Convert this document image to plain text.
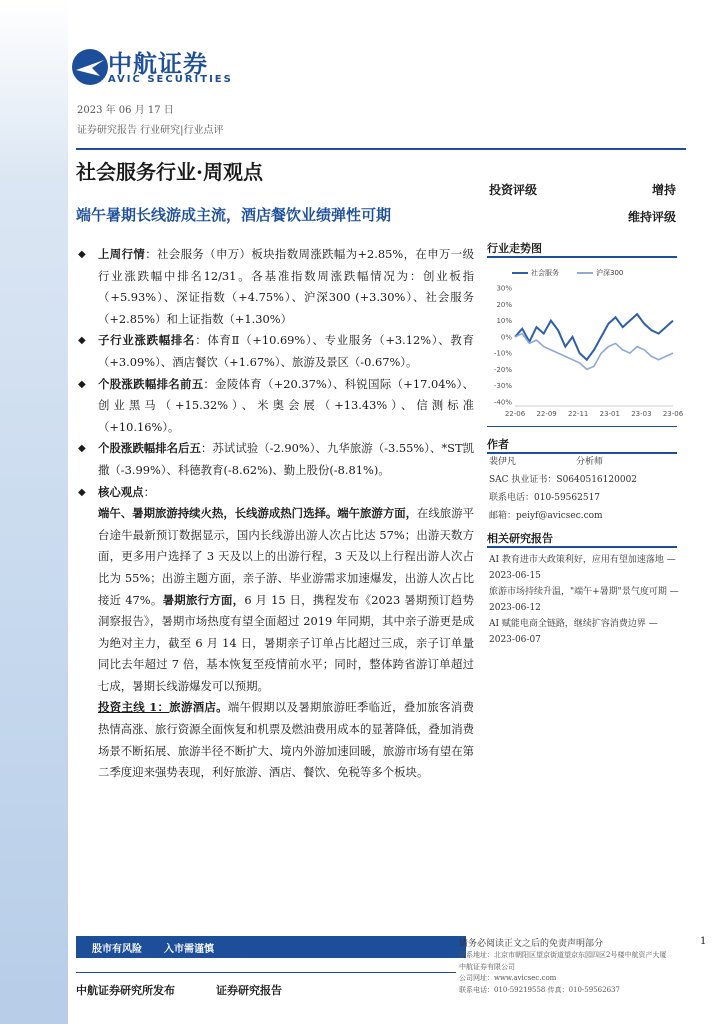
中航证券
AVIC SECURITIES
2023 年 06 月 17 日
证券研究报告 行业研究|行业点评
社会服务行业·周观点
端午暑期长线游成主流，酒店餐饮业绩弹性可期
投资评级	增持
维持评级
◆ 上周行情：社会服务（申万）板块指数周涨跌幅为+2.85%，在申万一级行业涨跌幅中排名12/31。各基准指数周涨跌幅情况为：创业板指（+5.93%）、深证指数（+4.75%）、沪深300 (+3.30%）、社会服务（+2.85%）和上证指数（+1.30%）
◆ 子行业涨跌幅排名：体育Ⅱ（+10.69%）、专业服务（+3.12%）、教育（+3.09%）、酒店餐饮（+1.67%）、旅游及景区（-0.67%）。
◆ 个股涨跌幅排名前五：金陵体育（+20.37%）、科锐国际（+17.04%）、创业黑马（+15.32%）、米奥会展（+13.43%）、信测标准（+10.16%）。
◆ 个股涨跌幅排名后五：苏试试验（-2.90%）、九华旅游（-3.55%）、*ST凯撒（-3.99%）、科德教育(-8.62%)、勤上股份(-8.81%)。
◆ 核心观点：
端午、暑期旅游持续火热，长线游成热门选择。端午旅游方面，在线旅游平台途牛最新预订数据显示，国内长线游出游人次占比达 57%；出游天数方面，更多用户选择了 3 天及以上的出游行程，3 天及以上行程出游人次占比为 55%；出游主题方面，亲子游、毕业游需求加速爆发，出游人次占比接近 47%。暑期旅行方面，6 月 15 日，携程发布《2023 暑期预订趋势洞察报告》，暑期市场热度有望全面超过 2019 年同期，其中亲子游更是成为绝对主力，截至 6 月 14 日，暑期亲子订单占比超过三成，亲子订单量同比去年超过 7 倍，基本恢复至疫情前水平；同时，整体跨省游订单超过七成，暑期长线游爆发可以预期。
投资主线 1：旅游酒店。端午假期以及暑期旅游旺季临近，叠加旅客消费热情高涨、旅行资源全面恢复和机票及燃油费用成本的显著降低，叠加消费场景不断拓展、旅游半径不断扩大、境内外游加速回暖，旅游市场有望在第二季度迎来强势表现，利好旅游、酒店、餐饮、免税等多个板块。
行业走势图
社会服务	沪深300
30%
20%
10%
0%
-10%
-20%
-30%
-40%
22-06 22-09 22-11 23-01 23-03 23-06
作者
裴伊凡	分析师
SAC 执业证书：S0640516120002
联系电话：010-59562517
邮箱：peiyf@avicsec.com
相关研究报告
AI 教育进市大政策利好，应用有望加速落地 —2023-06-15
旅游市场持续升温，"端午+暑期"景气度可期 —2023-06-12
AI 赋能电商全链路，继续扩容消费边界 —2023-06-07
股市有风险 入市需谨慎	请务必阅读正文之后的免责声明部分	1
联系地址：北京市朝阳区望京街道望京东园四区2号楼中航资产大厦中航证券有限公司
公司网址：www.avicsec.com
联系电话：010-59219558 传真：010-59562637
中航证券研究所发布	证券研究报告
